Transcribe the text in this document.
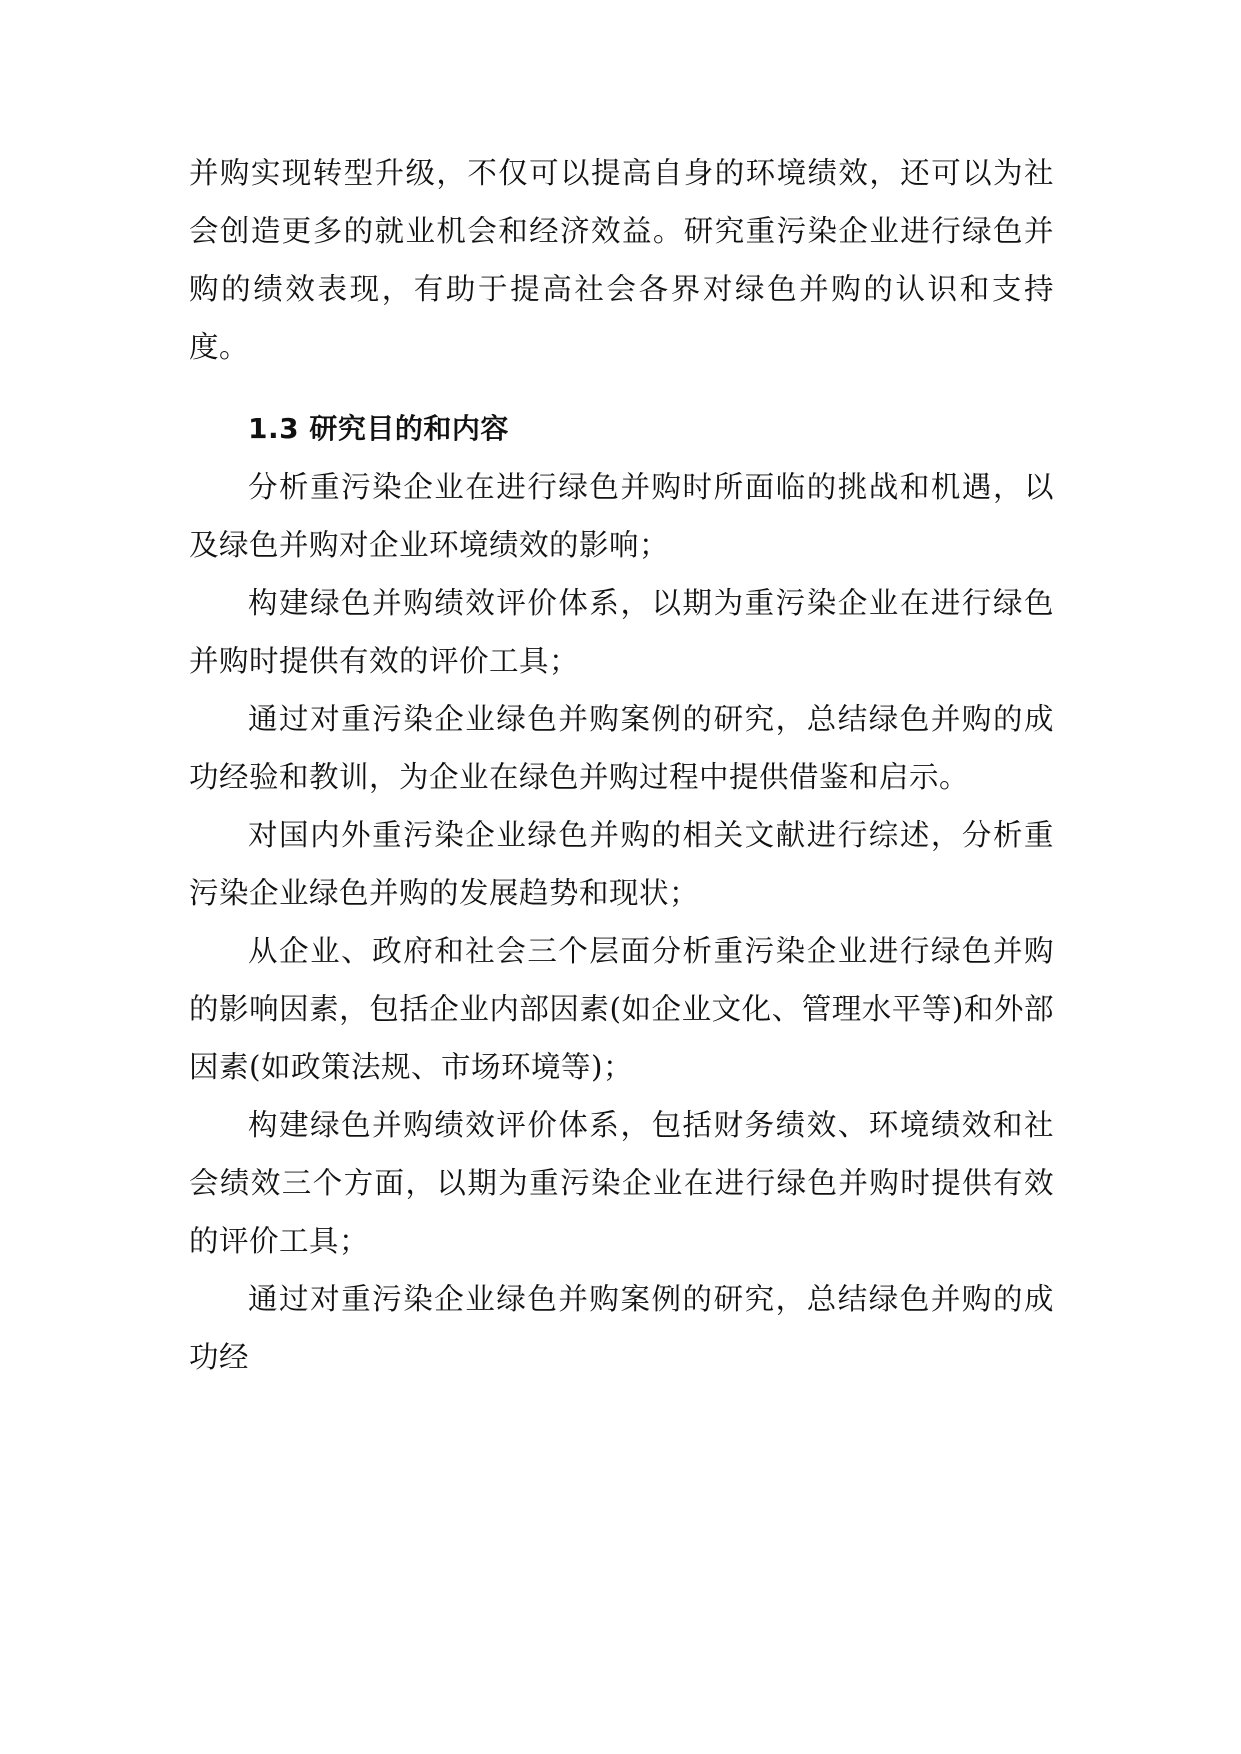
并购实现转型升级，不仅可以提高自身的环境绩效，还可以为社会创造更多的就业机会和经济效益。研究重污染企业进行绿色并购的绩效表现，有助于提高社会各界对绿色并购的认识和支持度。

1.3 研究目的和内容

分析重污染企业在进行绿色并购时所面临的挑战和机遇，以及绿色并购对企业环境绩效的影响；

构建绿色并购绩效评价体系，以期为重污染企业在进行绿色并购时提供有效的评价工具；

通过对重污染企业绿色并购案例的研究，总结绿色并购的成功经验和教训，为企业在绿色并购过程中提供借鉴和启示。

对国内外重污染企业绿色并购的相关文献进行综述，分析重污染企业绿色并购的发展趋势和现状；

从企业、政府和社会三个层面分析重污染企业进行绿色并购的影响因素，包括企业内部因素(如企业文化、管理水平等)和外部因素(如政策法规、市场环境等)；

构建绿色并购绩效评价体系，包括财务绩效、环境绩效和社会绩效三个方面，以期为重污染企业在进行绿色并购时提供有效的评价工具；

通过对重污染企业绿色并购案例的研究，总结绿色并购的成功经
